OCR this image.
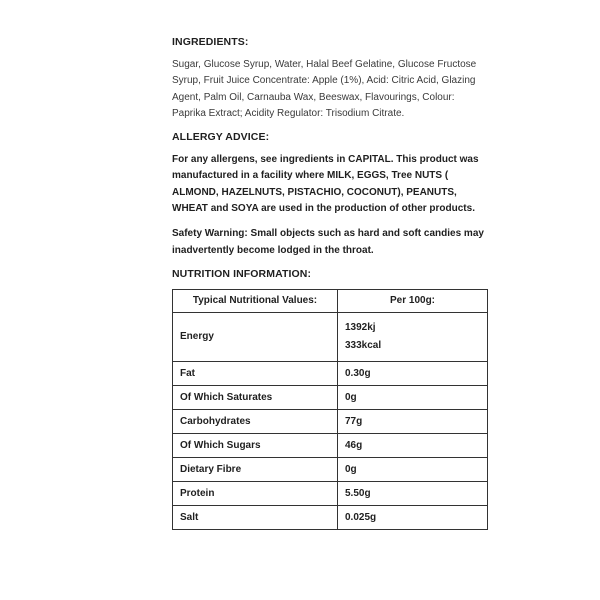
INGREDIENTS:
Sugar, Glucose Syrup, Water, Halal Beef Gelatine, Glucose Fructose Syrup, Fruit Juice Concentrate: Apple (1%), Acid: Citric Acid, Glazing Agent, Palm Oil, Carnauba Wax, Beeswax, Flavourings, Colour: Paprika Extract; Acidity Regulator: Trisodium Citrate.
ALLERGY ADVICE:
For any allergens, see ingredients in CAPITAL. This product was manufactured in a facility where MILK, EGGS, Tree NUTS ( ALMOND, HAZELNUTS, PISTACHIO, COCONUT), PEANUTS, WHEAT and SOYA are used in the production of other products.
Safety Warning: Small objects such as hard and soft candies may inadvertently become lodged in the throat.
NUTRITION INFORMATION:
Typical Nutritional Values:	Per 100g:
Energy	1392kj
333kcal

Fat	0.30g
Of Which Saturates	0g
Carbohydrates	77g
Of Which Sugars	46g
Dietary Fibre	0g
Protein	5.50g
Salt	0.025g
